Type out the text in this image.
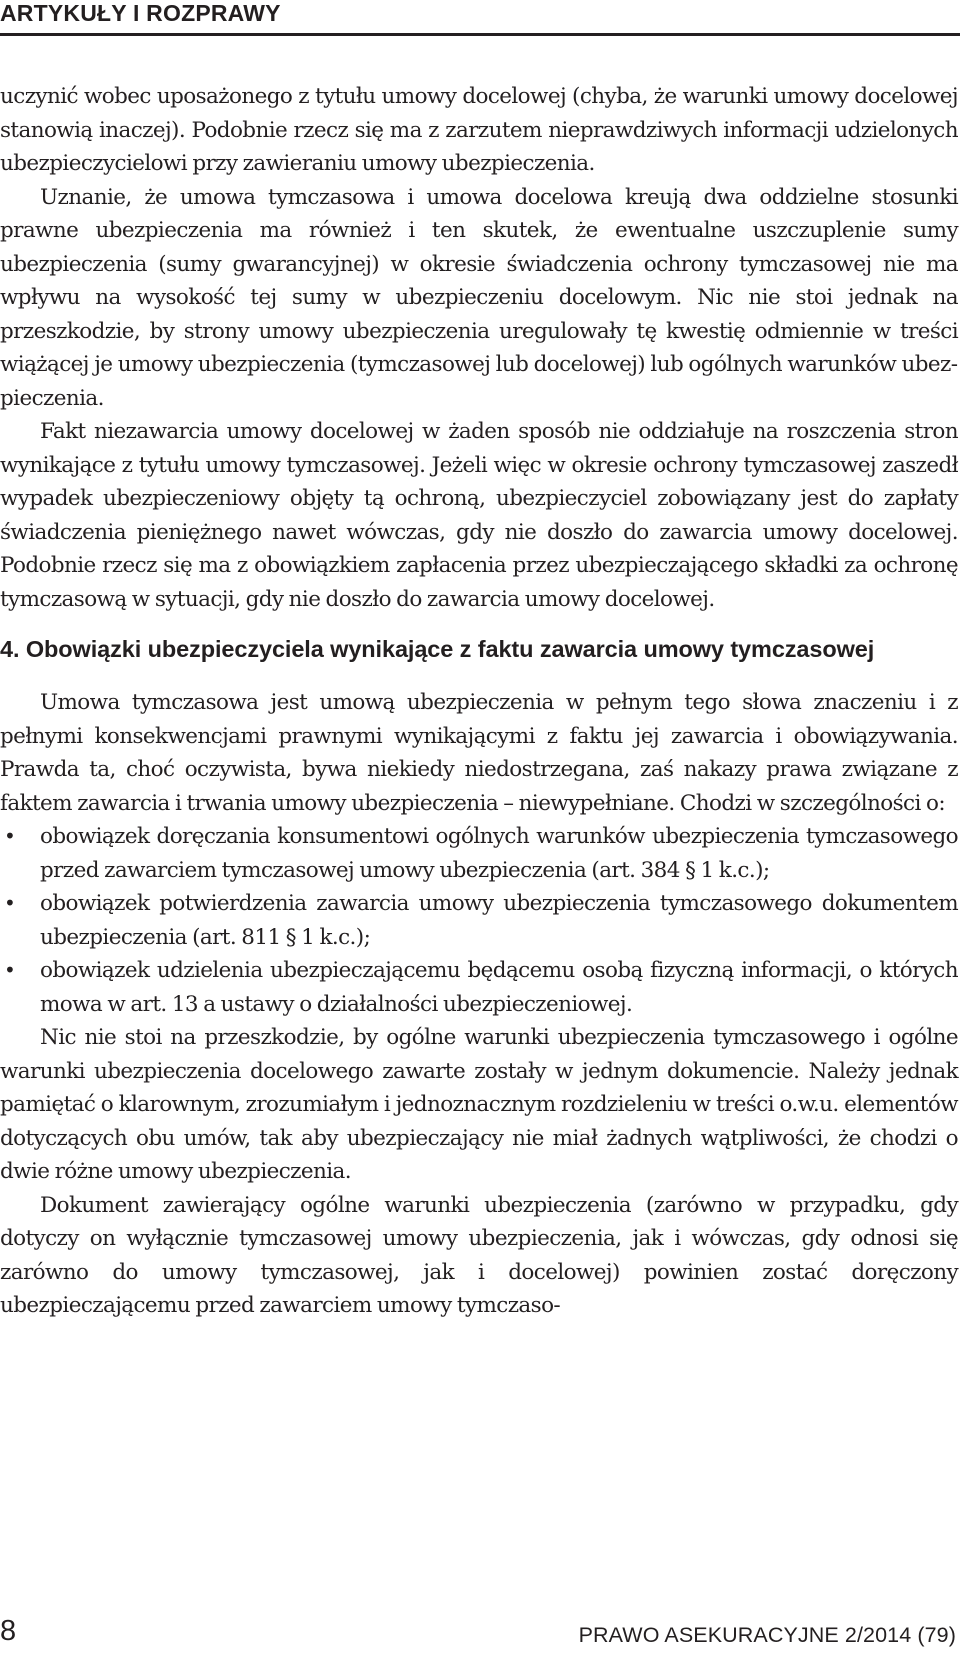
ARTYKUŁY I ROZPRAWY

uczynić wobec uposażonego z tytułu umowy docelowej (chyba, że warunki umowy docelowej stanowią inaczej). Podobnie rzecz się ma z zarzutem nieprawdziwych informacji udzielonych ubezpieczycielowi przy zawieraniu umowy ubezpieczenia.

Uznanie, że umowa tymczasowa i umowa docelowa kreują dwa oddzielne stosunki prawne ubezpieczenia ma również i ten skutek, że ewentualne uszczuplenie sumy ubezpieczenia (sumy gwarancyjnej) w okresie świadczenia ochrony tymczasowej nie ma wpływu na wysokość tej sumy w ubezpieczeniu docelowym. Nic nie stoi jednak na przeszkodzie, by strony umowy ubezpieczenia uregulowały tę kwestię odmiennie w treści wiążącej je umowy ubezpieczenia (tymczasowej lub docelowej) lub ogólnych warunków ubezpieczenia.

Fakt niezawarcia umowy docelowej w żaden sposób nie oddziałuje na roszczenia stron wynikające z tytułu umowy tymczasowej. Jeżeli więc w okresie ochrony tymczasowej zaszedł wypadek ubezpieczeniowy objęty tą ochroną, ubezpieczyciel zobowiązany jest do zapłaty świadczenia pieniężnego nawet wówczas, gdy nie doszło do zawarcia umowy docelowej. Podobnie rzecz się ma z obowiązkiem zapłacenia przez ubezpieczającego składki za ochronę tymczasową w sytuacji, gdy nie doszło do zawarcia umowy docelowej.

4. Obowiązki ubezpieczyciela wynikające z faktu zawarcia umowy tymczasowej

Umowa tymczasowa jest umową ubezpieczenia w pełnym tego słowa znaczeniu i z pełnymi konsekwencjami prawnymi wynikającymi z faktu jej zawarcia i obowiązywania. Prawda ta, choć oczywista, bywa niekiedy niedostrzegana, zaś nakazy prawa związane z faktem zawarcia i trwania umowy ubezpieczenia – niewypełniane. Chodzi w szczególności o:

• obowiązek doręczania konsumentowi ogólnych warunków ubezpieczenia tymczasowego przed zawarciem tymczasowej umowy ubezpieczenia (art. 384 § 1 k.c.);
• obowiązek potwierdzenia zawarcia umowy ubezpieczenia tymczasowego dokumentem ubezpieczenia (art. 811 § 1 k.c.);
• obowiązek udzielenia ubezpieczającemu będącemu osobą fizyczną informacji, o których mowa w art. 13 a ustawy o działalności ubezpieczeniowej.

Nic nie stoi na przeszkodzie, by ogólne warunki ubezpieczenia tymczasowego i ogólne warunki ubezpieczenia docelowego zawarte zostały w jednym dokumencie. Należy jednak pamiętać o klarownym, zrozumiałym i jednoznacznym rozdzieleniu w treści o.w.u. elementów dotyczących obu umów, tak aby ubezpieczający nie miał żadnych wątpliwości, że chodzi o dwie różne umowy ubezpieczenia.

Dokument zawierający ogólne warunki ubezpieczenia (zarówno w przypadku, gdy dotyczy on wyłącznie tymczasowej umowy ubezpieczenia, jak i wówczas, gdy odnosi się zarówno do umowy tymczasowej, jak i docelowej) powinien zostać doręczony ubezpieczającemu przed zawarciem umowy tymczaso-

8	PRAWO ASEKURACYJNE 2/2014 (79)
